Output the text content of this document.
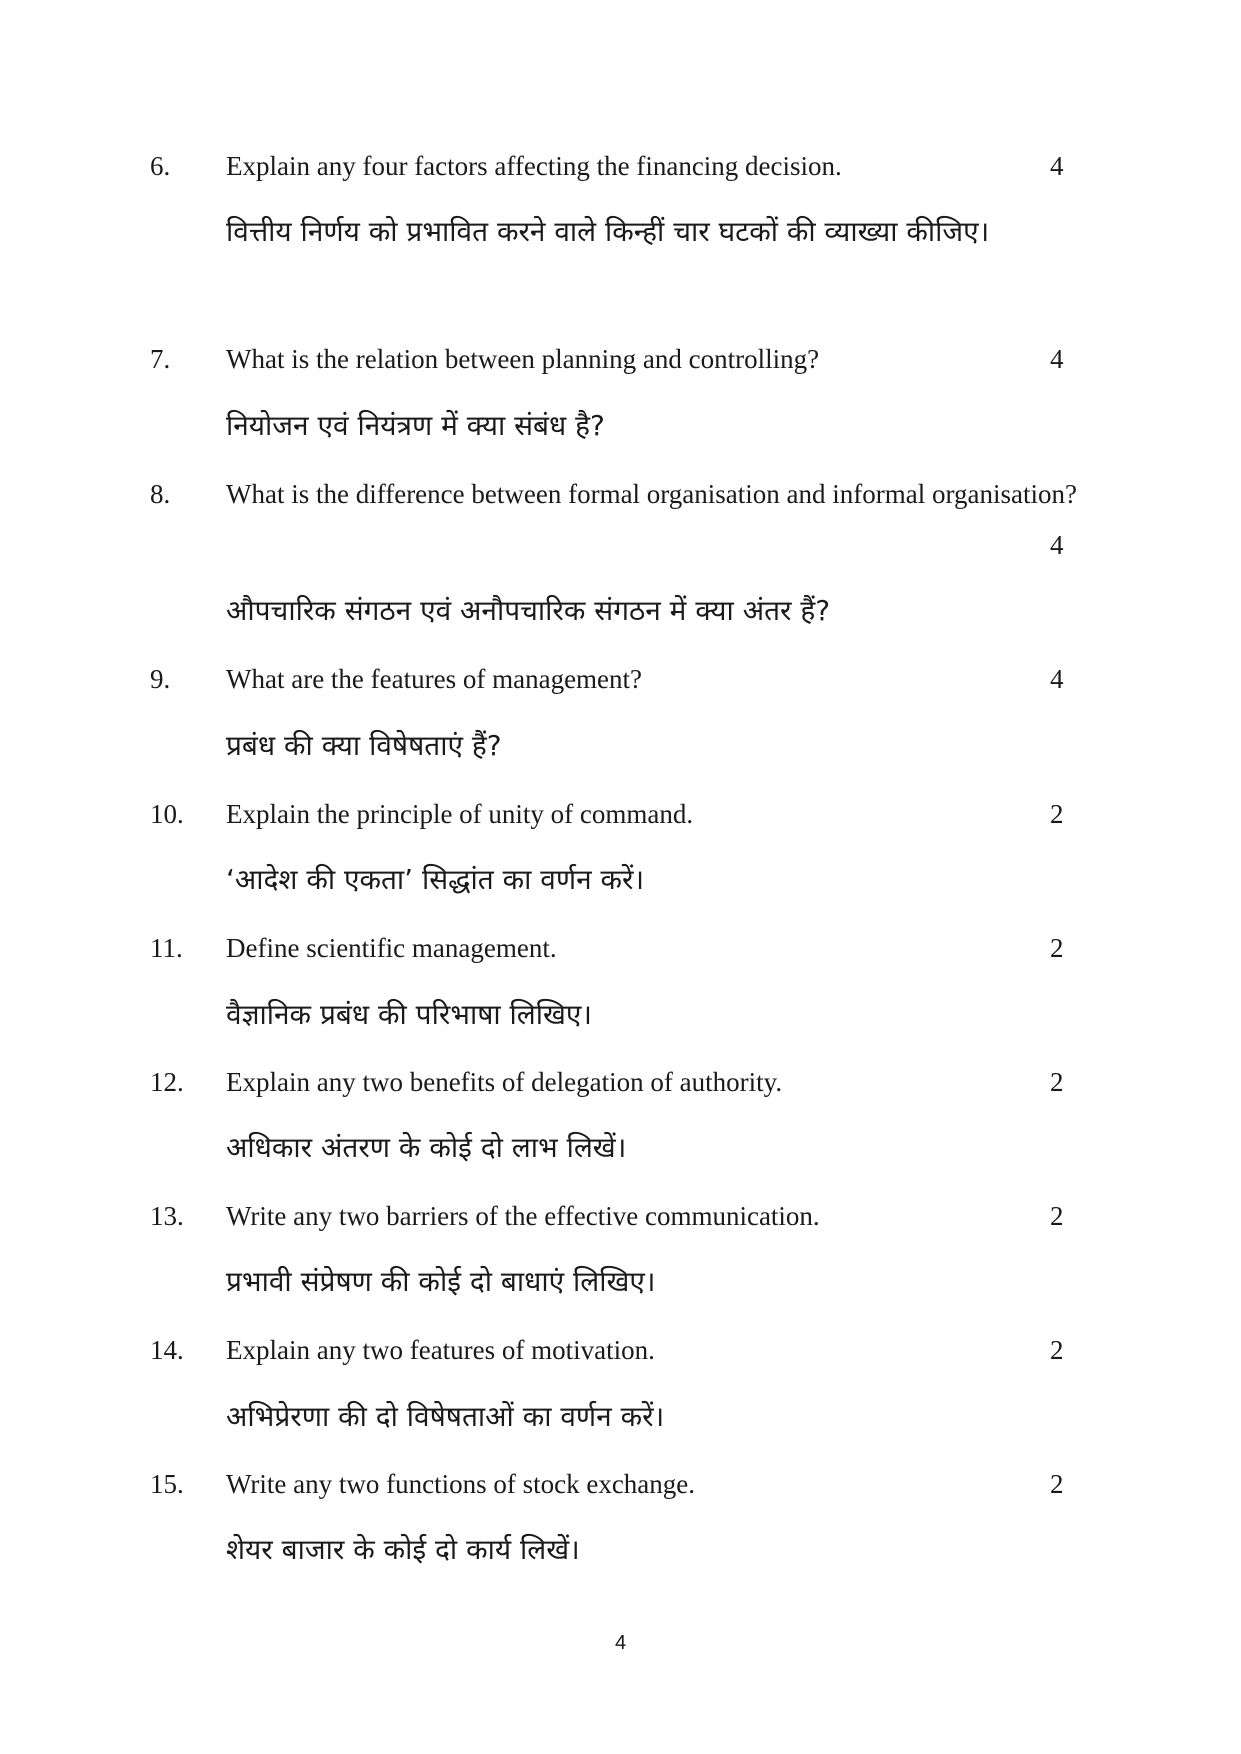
6. Explain any four factors affecting the financing decision.	4
वित्तीय निर्णय को प्रभावित करने वाले किन्हीं चार घटकों की व्याख्या कीजिए।
7. What is the relation between planning and controlling?	4
नियोजन एवं नियंत्रण में क्या संबंध है?
8. What is the difference between formal organisation and informal organisation?
4
औपचारिक संगठन एवं अनौपचारिक संगठन में क्या अंतर हैं?
9. What are the features of management?	4
प्रबंध की क्या विषेषताएं हैं?
10. Explain the principle of unity of command.	2
‘आदेश की एकता’ सिद्धांत का वर्णन करें।
11. Define scientific management.	2
वैज्ञानिक प्रबंध की परिभाषा लिखिए।
12. Explain any two benefits of delegation of authority.	2
अधिकार अंतरण के कोई दो लाभ लिखें।
13. Write any two barriers of the effective communication.	2
प्रभावी संप्रेषण की कोई दो बाधाएं लिखिए।
14. Explain any two features of motivation.	2
अभिप्रेरणा की दो विषेषताओं का वर्णन करें।
15. Write any two functions of stock exchange.	2
शेयर बाजार के कोई दो कार्य लिखें।
4
